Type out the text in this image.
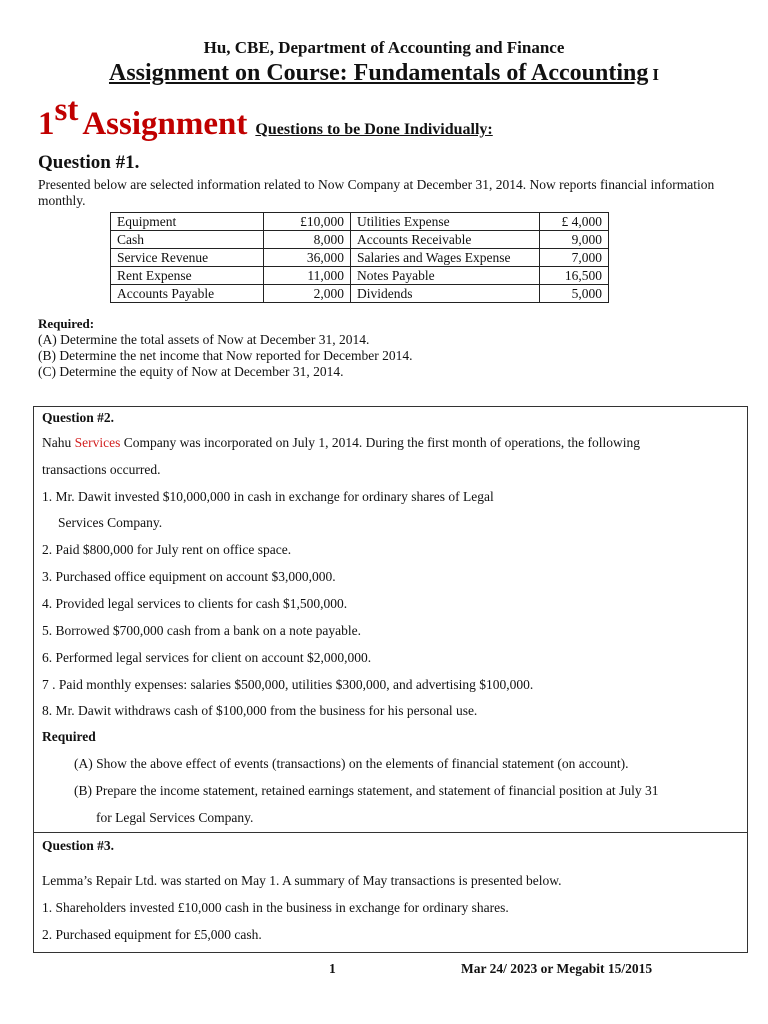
Hu, CBE, Department of Accounting and Finance
Assignment on Course: Fundamentals of Accounting I
1st Assignment Questions to be Done Individually:
Question #1.
Presented below are selected information related to Now Company at December 31, 2014. Now reports financial information monthly.
Equipment	£10,000	Utilities Expense	£ 4,000
Cash	8,000	Accounts Receivable	9,000
Service Revenue	36,000	Salaries and Wages Expense	7,000
Rent Expense	11,000	Notes Payable	16,500
Accounts Payable	2,000	Dividends	5,000
Required:
(A) Determine the total assets of Now at December 31, 2014.
(B) Determine the net income that Now reported for December 2014.
(C) Determine the equity of Now at December 31, 2014.
Question #2.
Nahu Services Company was incorporated on July 1, 2014. During the first month of operations, the following
transactions occurred.
1. Mr. Dawit invested $10,000,000 in cash in exchange for ordinary shares of Legal
Services Company.
2. Paid $800,000 for July rent on office space.
3. Purchased office equipment on account $3,000,000.
4. Provided legal services to clients for cash $1,500,000.
5. Borrowed $700,000 cash from a bank on a note payable.
6. Performed legal services for client on account $2,000,000.
7 . Paid monthly expenses: salaries $500,000, utilities $300,000, and advertising $100,000.
8. Mr. Dawit withdraws cash of $100,000 from the business for his personal use.
Required
(A) Show the above effect of events (transactions) on the elements of financial statement (on account).
(B) Prepare the income statement, retained earnings statement, and statement of financial position at July 31
for Legal Services Company.
Question #3.
Lemma’s Repair Ltd. was started on May 1. A summary of May transactions is presented below.
1. Shareholders invested £10,000 cash in the business in exchange for ordinary shares.
2. Purchased equipment for £5,000 cash.
1	Mar 24/ 2023 or Megabit 15/2015
